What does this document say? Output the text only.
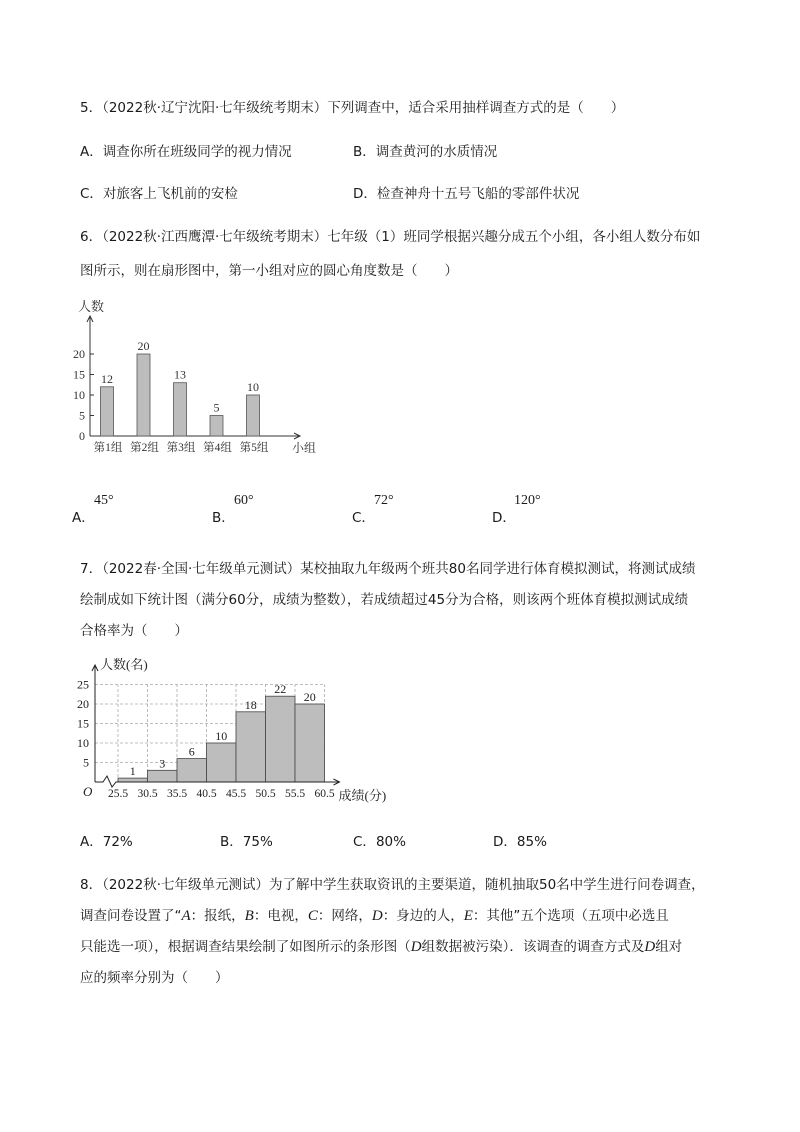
5．（2022秋·辽宁沈阳·七年级统考期末）下列调查中，适合采用抽样调查方式的是（　　）
A．调查你所在班级同学的视力情况	B．调查黄河的水质情况
C．对旅客上飞机前的安检	D．检查神舟十五号飞船的零部件状况
6．（2022秋·江西鹰潭·七年级统考期末）七年级（1）班同学根据兴趣分成五个小组，各小组人数分布如
图所示，则在扇形图中，第一小组对应的圆心角度数是（　　）
0
5
10
15
20
人数
小组
12
第1组
20
第2组
13
第3组
5
第4组
10
第5组
A．
45°
B．
60°
C．
72°
D．
120°
7．（2022春·全国·七年级单元测试）某校抽取九年级两个班共80名同学进行体育模拟测试，将测试成绩
绘制成如下统计图（满分60分，成绩为整数），若成绩超过45分为合格，则该两个班体育模拟测试成绩
合格率为（　　）
1
3
6
10
18
22
20
5
10
15
20
25
O 25.5 30.5 35.5 40.5 45.5 50.5 55.5 60.5
人数(名)
成绩(分)
A．72%	B．75%	C．80%	D．85%
8．（2022秋·七年级单元测试）为了解中学生获取资讯的主要渠道，随机抽取50名中学生进行问卷调查，
调查问卷设置了“A：报纸，B：电视，C：网络，D：身边的人，E：其他”五个选项（五项中必选且
只能选一项），根据调查结果绘制了如图所示的条形图（D组数据被污染）．该调查的调查方式及D组对
应的频率分别为（　　）
